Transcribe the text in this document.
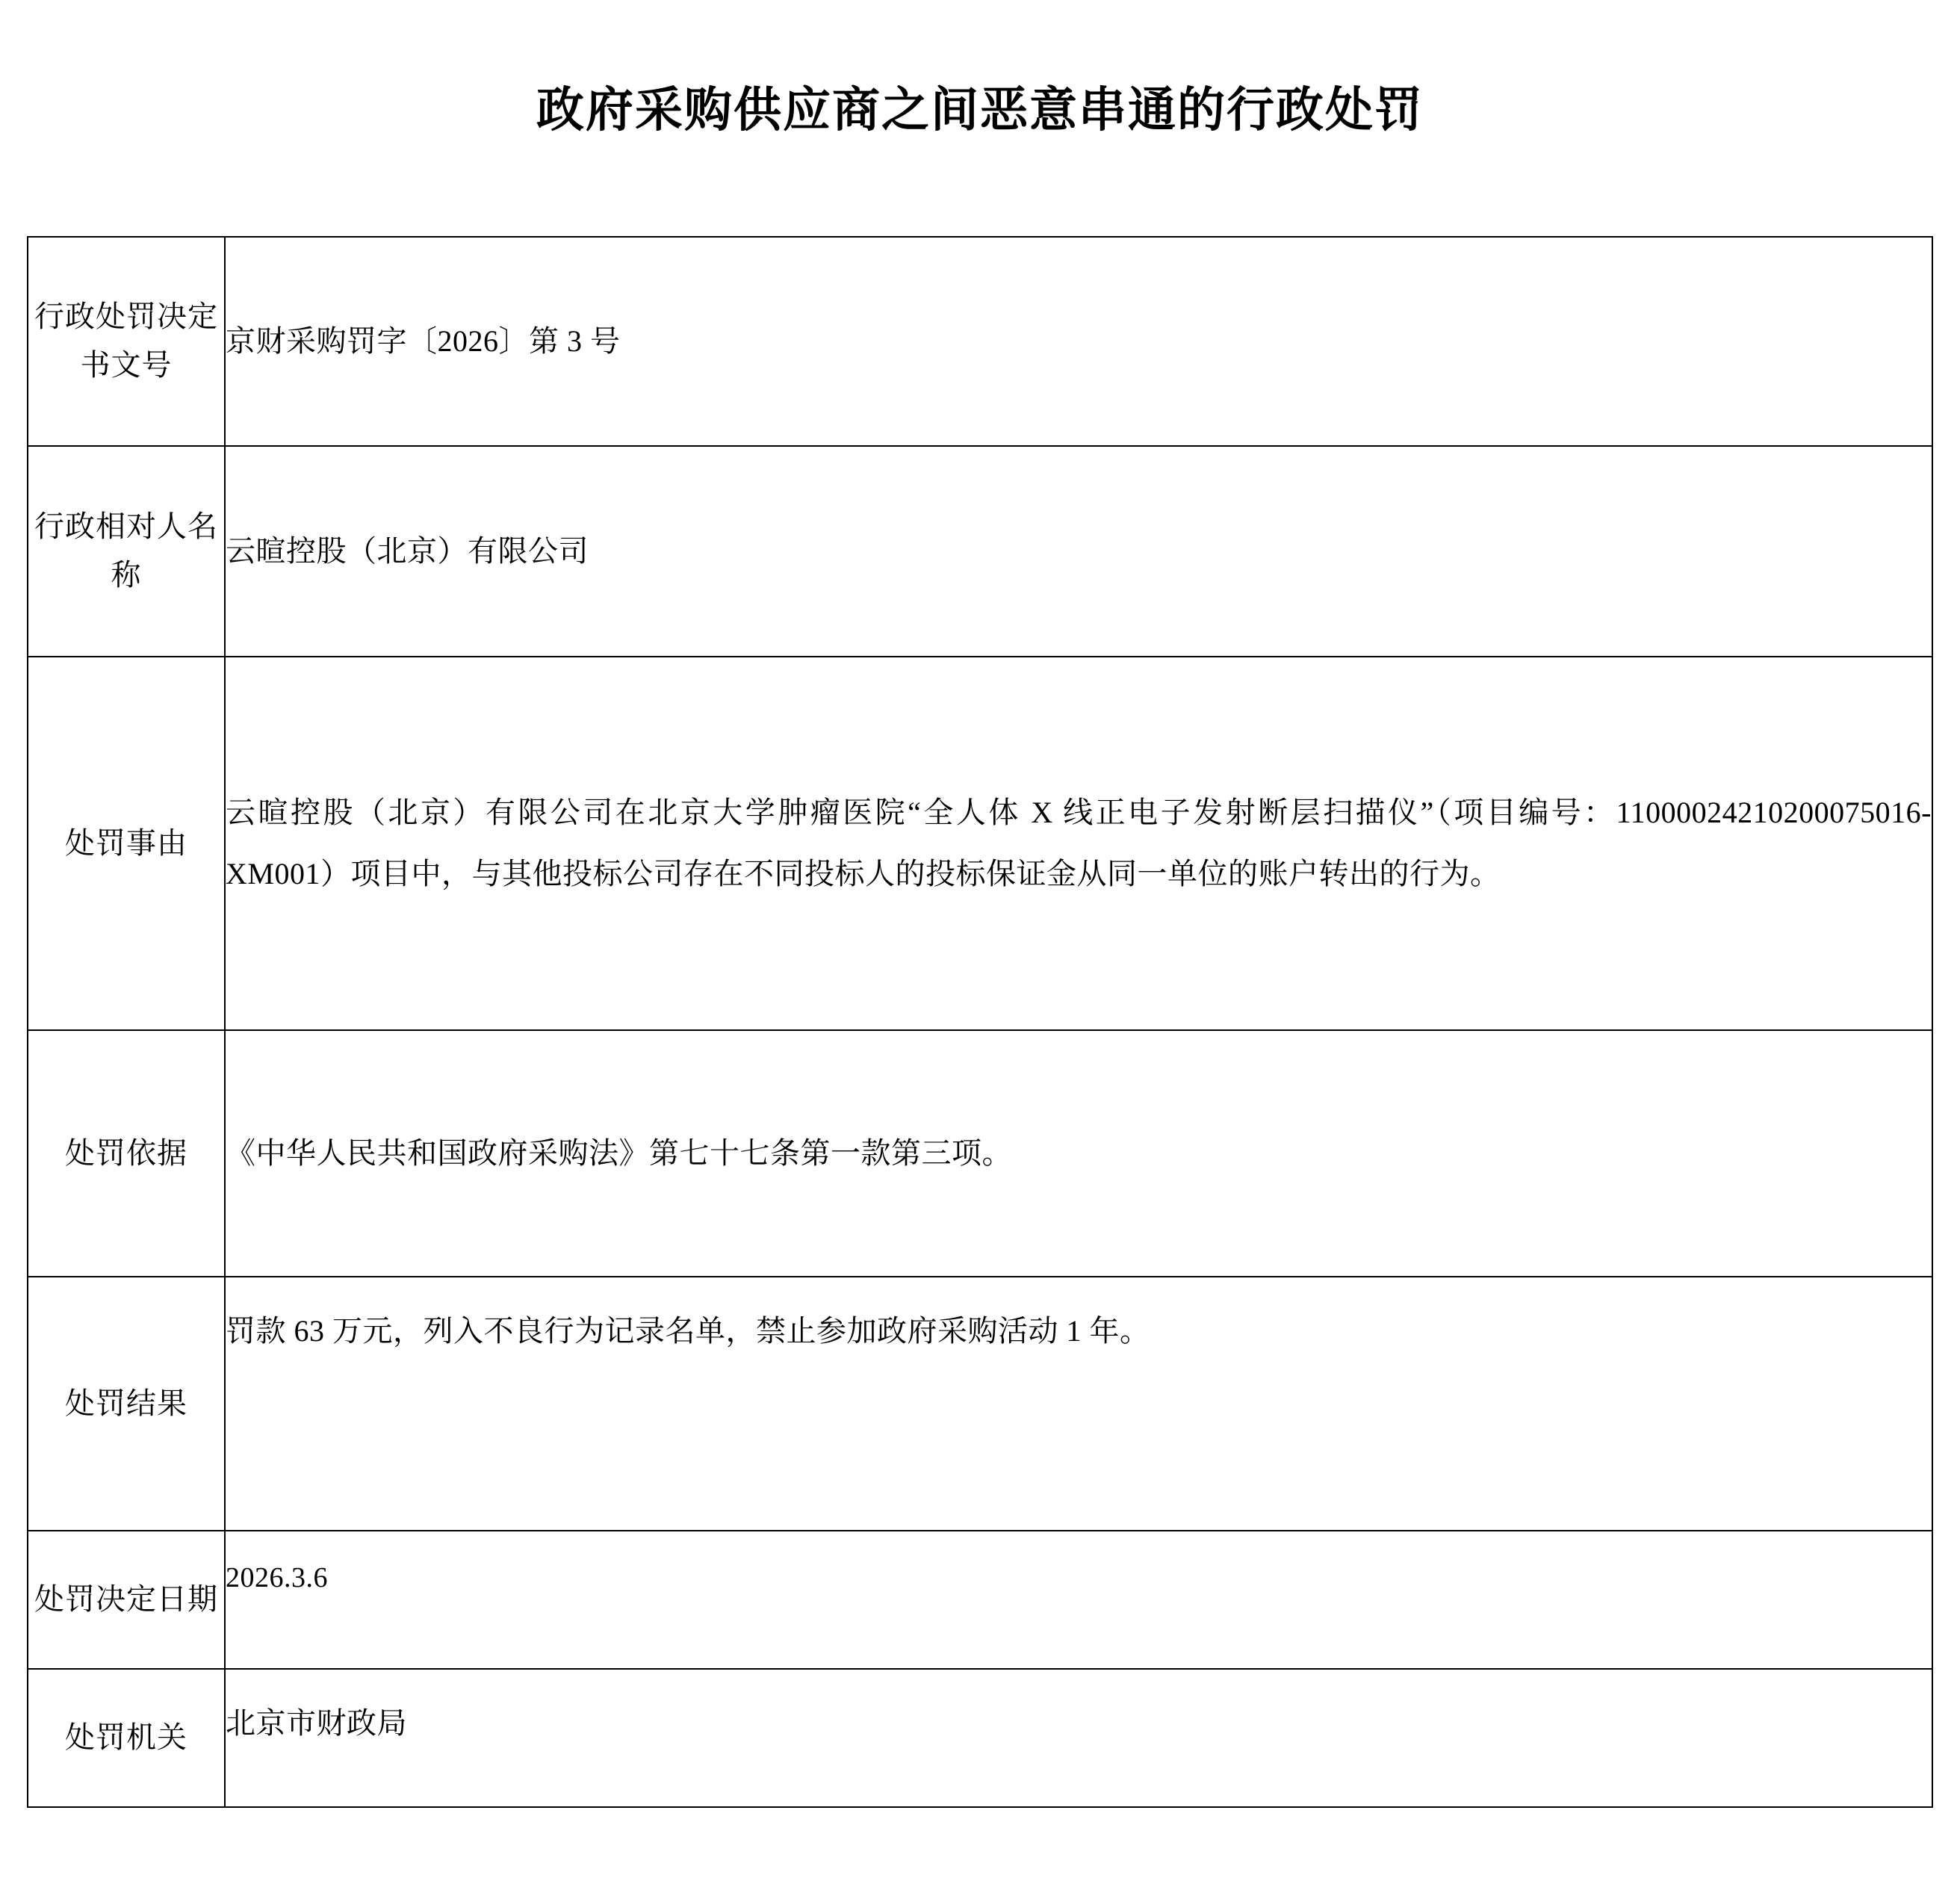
政府采购供应商之间恶意串通的行政处罚
行政处罚决定书文号	京财采购罚字〔2026〕第 3 号
行政相对人名称	云暄控股（北京）有限公司
处罚事由	云暄控股（北京）有限公司在北京大学肿瘤医院“全人体 X 线正电子发射断层扫描仪”（项目编号：11000024210200075016-XM001）项目中，与其他投标公司存在不同投标人的投标保证金从同一单位的账户转出的行为。
处罚依据	《中华人民共和国政府采购法》第七十七条第一款第三项。
处罚结果	罚款 63 万元，列入不良行为记录名单，禁止参加政府采购活动 1 年。
处罚决定日期	2026.3.6
处罚机关	北京市财政局
